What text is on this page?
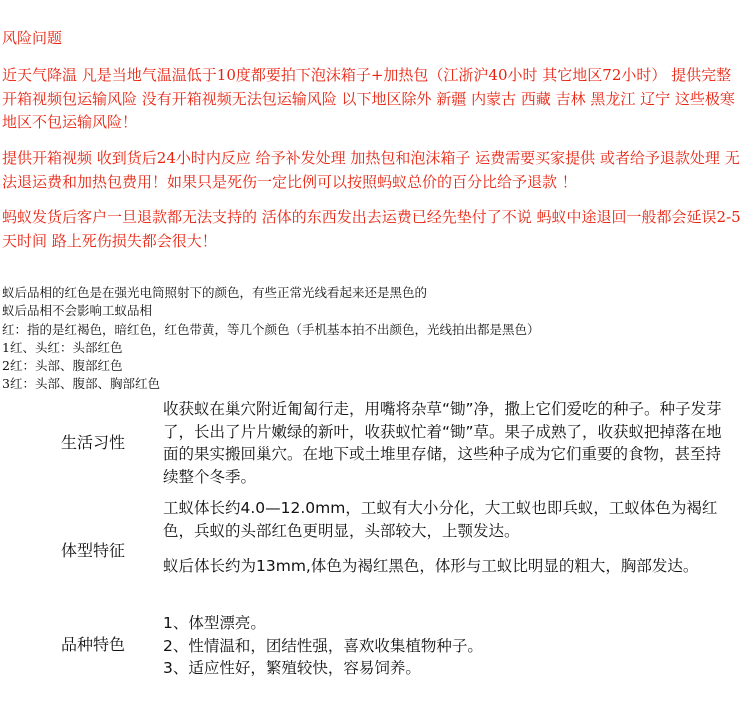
风险问题

近天气降温 凡是当地气温温低于10度都要拍下泡沫箱子+加热包（江浙沪40小时 其它地区72小时） 提供完整开箱视频包运输风险 没有开箱视频无法包运输风险 以下地区除外 新疆 内蒙古 西藏 吉林 黑龙江 辽宁 这些极寒地区不包运输风险！

提供开箱视频 收到货后24小时内反应 给予补发处理 加热包和泡沫箱子 运费需要买家提供 或者给予退款处理 无法退运费和加热包费用！如果只是死伤一定比例可以按照蚂蚁总价的百分比给予退款 ！

蚂蚁发货后客户一旦退款都无法支持的 活体的东西发出去运费已经先垫付了不说 蚂蚁中途退回一般都会延误2-5天时间 路上死伤损失都会很大！

蚁后品相的红色是在强光电筒照射下的颜色，有些正常光线看起来还是黑色的
蚁后品相不会影响工蚁品相
红：指的是红褐色，暗红色，红色带黄，等几个颜色（手机基本拍不出颜色，光线拍出都是黑色）
1红、头红：头部红色
2红：头部、腹部红色
3红：头部、腹部、胸部红色
生活习性

收获蚁在巢穴附近匍匐行走，用嘴将杂草“锄”净，撒上它们爱吃的种子。种子发芽了，长出了片片嫩绿的新叶，收获蚁忙着“锄”草。果子成熟了，收获蚁把掉落在地面的果实搬回巢穴。在地下或土堆里存储，这些种子成为它们重要的食物，甚至持续整个冬季。

体型特征

工蚁体长约4.0—12.0mm，工蚁有大小分化，大工蚁也即兵蚁，工蚁体色为褐红色，兵蚁的头部红色更明显，头部较大，上颚发达。

蚁后体长约为13mm,体色为褐红黑色，体形与工蚁比明显的粗大，胸部发达。

品种特色
1、体型漂亮。
2、性情温和，团结性强，喜欢收集植物种子。
3、适应性好，繁殖较快，容易饲养。
